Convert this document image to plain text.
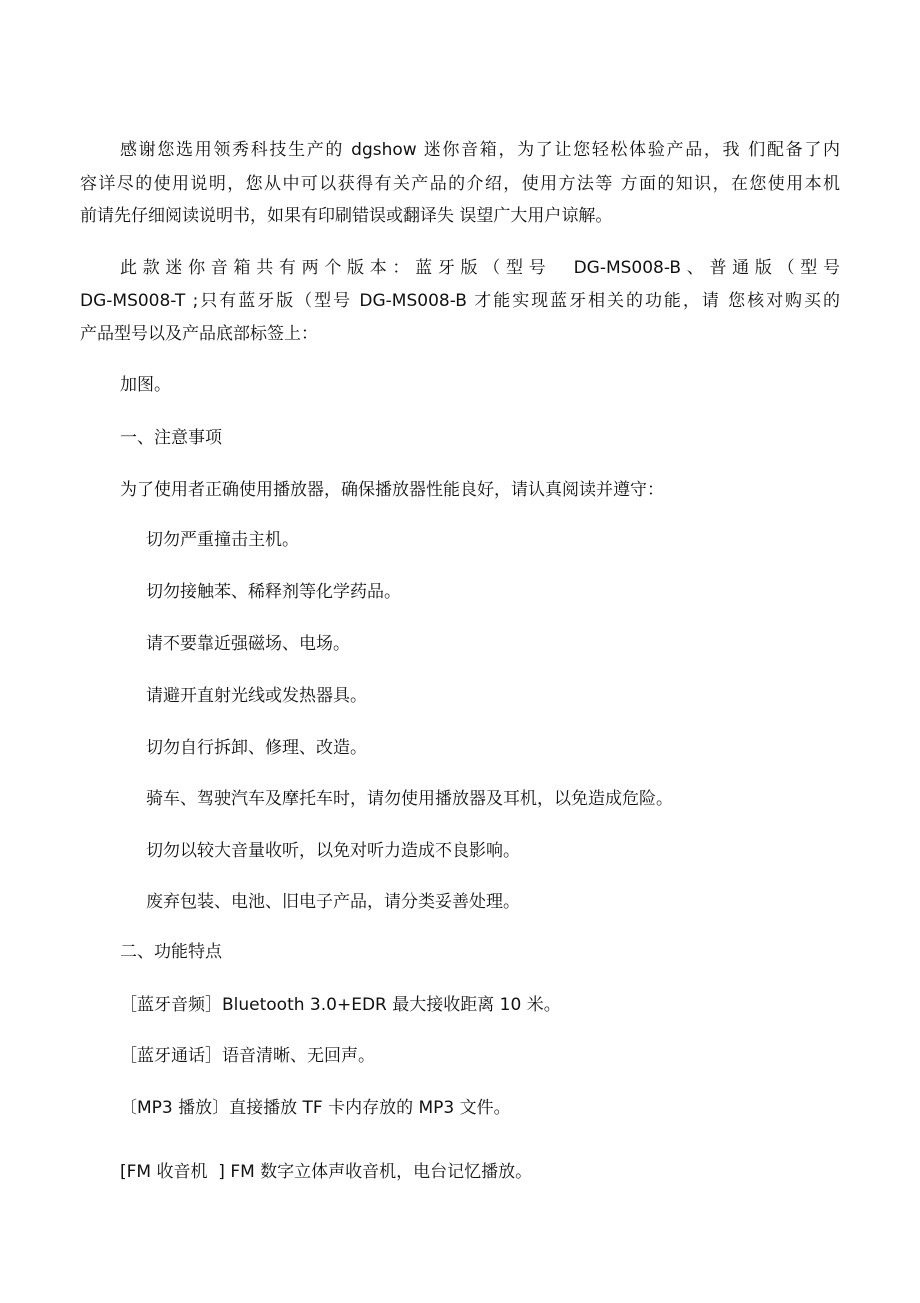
感谢您选用领秀科技生产的 dgshow 迷你音箱，为了让您轻松体验产品，我 们配备了内
容详尽的使用说明，您从中可以获得有关产品的介绍，使用方法等 方面的知识，在您使用本机
前请先仔细阅读说明书，如果有印刷错误或翻译失 误望广大用户谅解。
此款迷你音箱共有两个版本：蓝牙版（型号  DG-MS008-B、普通版（型号
DG-MS008-T ;只有蓝牙版（型号 DG-MS008-B 才能实现蓝牙相关的功能，请 您核对购买的
产品型号以及产品底部标签上：
加图。
一、注意事项
为了使用者正确使用播放器，确保播放器性能良好，请认真阅读并遵守：
切勿严重撞击主机。
切勿接触苯、稀释剂等化学药品。
请不要靠近强磁场、电场。
请避开直射光线或发热器具。
切勿自行拆卸、修理、改造。
骑车、驾驶汽车及摩托车时，请勿使用播放器及耳机，以免造成危险。
切勿以较大音量收听，以免对听力造成不良影响。
废弃包装、电池、旧电子产品，请分类妥善处理。
二、功能特点
［蓝牙音频］Bluetooth 3.0+EDR 最大接收距离 10 米。
［蓝牙通话］语音清晰、无回声。
〔MP3 播放〕直接播放 TF 卡内存放的 MP3 文件。
[FM 收音机  ] FM 数字立体声收音机，电台记忆播放。
